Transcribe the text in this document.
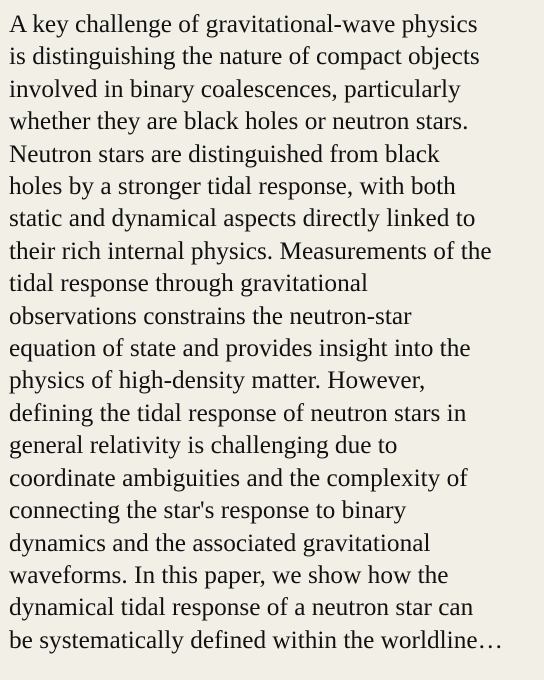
A key challenge of gravitational-wave physics
is distinguishing the nature of compact objects
involved in binary coalescences, particularly
whether they are black holes or neutron stars.
Neutron stars are distinguished from black
holes by a stronger tidal response, with both
static and dynamical aspects directly linked to
their rich internal physics. Measurements of the
tidal response through gravitational
observations constrains the neutron-star
equation of state and provides insight into the
physics of high-density matter. However,
defining the tidal response of neutron stars in
general relativity is challenging due to
coordinate ambiguities and the complexity of
connecting the star's response to binary
dynamics and the associated gravitational
waveforms. In this paper, we show how the
dynamical tidal response of a neutron star can
be systematically defined within the worldline…
